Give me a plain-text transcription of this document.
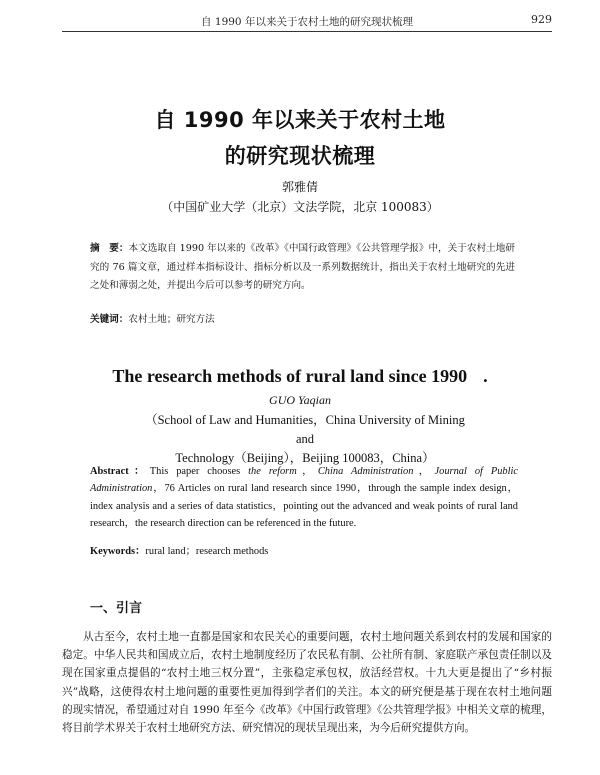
自 1990 年以来关于农村土地的研究现状梳理	929
自 1990 年以来关于农村土地
的研究现状梳理
郭雅倩
（中国矿业大学（北京）文法学院，北京 100083）
摘　要：本文选取自 1990 年以来的《改革》《中国行政管理》《公共管理学报》中，关于农村土地研究的 76 篇文章，通过样本指标设计、指标分析以及一系列数据统计，指出关于农村土地研究的先进之处和薄弱之处，并提出今后可以参考的研究方向。
关键词：农村土地；研究方法
The research methods of rural land since 1990 .
GUO Yaqian
（School of Law and Humanities，China University of Mining and
Technology（Beijing），Beijing 100083，China）
Abstract：This paper chooses the reform，China Administration，Journal of Public Administration，76 Articles on rural land research since 1990，through the sample index design，index analysis and a series of data statistics，pointing out the advanced and weak points of rural land research，the research direction can be referenced in the future.
Keywords：rural land；research methods
一、引言
从古至今，农村土地一直都是国家和农民关心的重要问题，农村土地问题关系到农村的发展和国家的稳定。中华人民共和国成立后，农村土地制度经历了农民私有制、公社所有制、家庭联产承包责任制以及现在国家重点提倡的“农村土地三权分置”，主张稳定承包权，放活经营权。十九大更是提出了“乡村振兴”战略，这使得农村土地问题的重要性更加得到学者们的关注。本文的研究便是基于现在农村土地问题的现实情况，希望通过对自 1990 年至今《改革》《中国行政管理》《公共管理学报》中相关文章的梳理，将目前学术界关于农村土地研究方法、研究情况的现状呈现出来，为今后研究提供方向。
